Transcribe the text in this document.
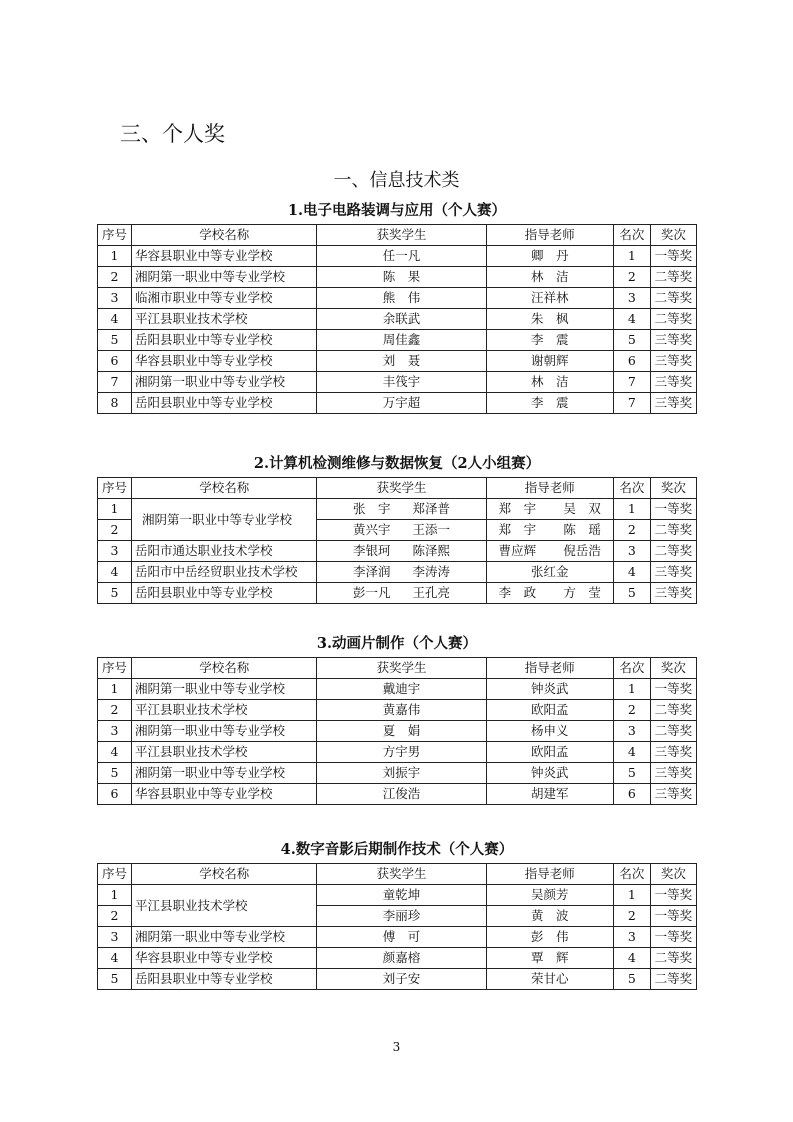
三、个人奖
一、信息技术类
1.电子电路装调与应用（个人赛）
序号	学校名称	获奖学生	指导老师	名次	奖次
1	华容县职业中等专业学校	任一凡	卿　丹	1	一等奖
2	湘阴第一职业中等专业学校	陈　果	林　洁	2	二等奖
3	临湘市职业中等专业学校	熊　伟	汪祥林	3	二等奖
4	平江县职业技术学校	余联武	朱　枫	4	二等奖
5	岳阳县职业中等专业学校	周佳鑫	李　震	5	三等奖
6	华容县职业中等专业学校	刘　聂	谢朝辉	6	三等奖
7	湘阴第一职业中等专业学校	丰筏宇	林　洁	7	三等奖
8	岳阳县职业中等专业学校	万宇超	李　震	7	三等奖
2.计算机检测维修与数据恢复（2人小组赛）
序号	学校名称	获奖学生	指导老师	名次	奖次
1	湘阴第一职业中等专业学校	张　宇 郑泽普	郑　宇 吴　双	1	一等奖
2		黄兴宇 王添一	郑　宇 陈　瑶	2	二等奖
3	岳阳市通达职业技术学校	李银珂 陈泽熙	曹应辉 倪岳浩	3	二等奖
4	岳阳市中岳经贸职业技术学校	李泽润 李涛涛	张红金	4	三等奖
5	岳阳县职业中等专业学校	彭一凡 王孔亮	李　政 方　莹	5	三等奖
3.动画片制作（个人赛）
序号	学校名称	获奖学生	指导老师	名次	奖次
1	湘阴第一职业中等专业学校	戴迪宇	钟炎武	1	一等奖
2	平江县职业技术学校	黄嘉伟	欧阳孟	2	二等奖
3	湘阴第一职业中等专业学校	夏　娟	杨申义	3	二等奖
4	平江县职业技术学校	方宇男	欧阳孟	4	三等奖
5	湘阴第一职业中等专业学校	刘振宇	钟炎武	5	三等奖
6	华容县职业中等专业学校	江俊浩	胡建军	6	三等奖
4.数字音影后期制作技术（个人赛）
序号	学校名称	获奖学生	指导老师	名次	奖次
1	平江县职业技术学校	童乾坤	吴颜芳	1	一等奖
2		李丽珍	黄　波	2	一等奖
3	湘阴第一职业中等专业学校	傅　可	彭　伟	3	一等奖
4	华容县职业中等专业学校	颜嘉榕	覃　辉	4	二等奖
5	岳阳县职业中等专业学校	刘子安	荣甘心	5	二等奖
3
